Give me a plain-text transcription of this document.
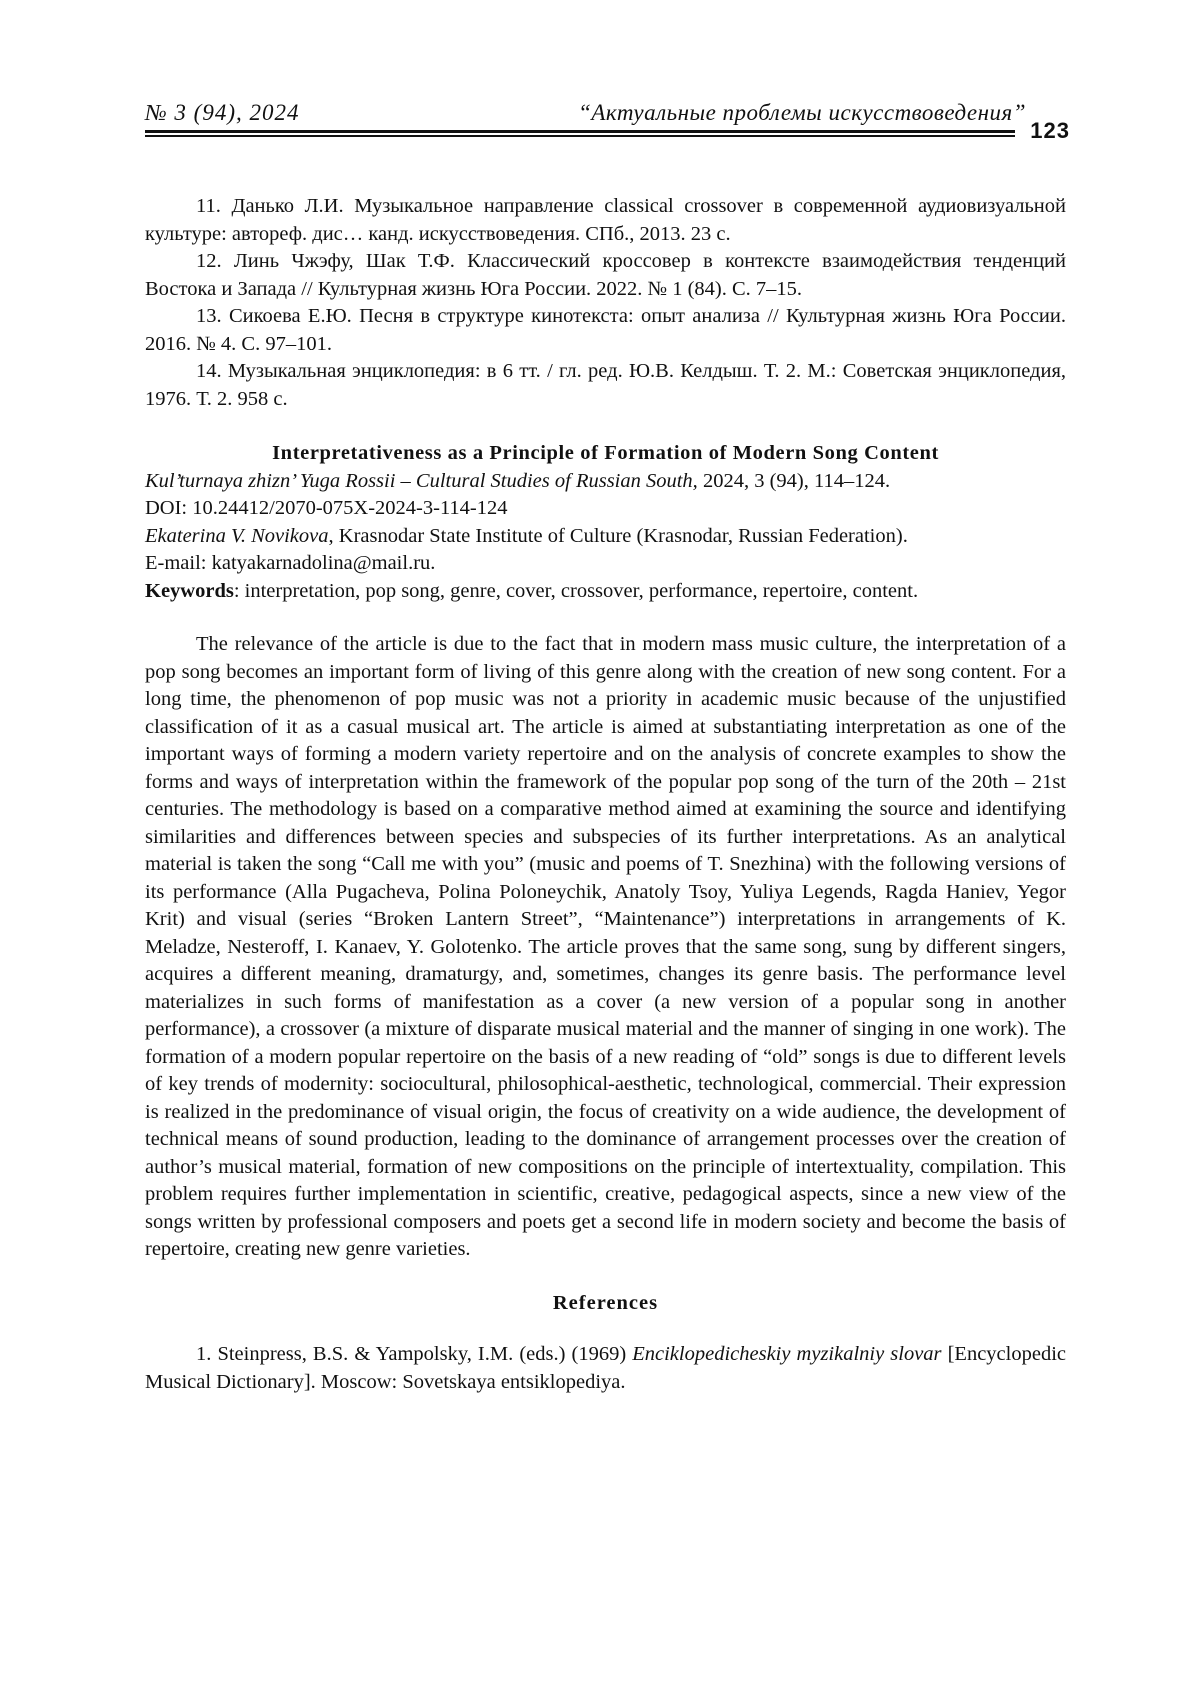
№ 3 (94), 2024	“Актуальные проблемы искусствоведения”
123

11. Данько Л.И. Музыкальное направление classical crossover в современной аудиовизуальной культуре: автореф. дис… канд. искусствоведения. СПб., 2013. 23 с.

12. Линь Чжэфу, Шак Т.Ф. Классический кроссовер в контексте взаимодействия тенденций Востока и Запада // Культурная жизнь Юга России. 2022. № 1 (84). С. 7–15.

13. Сикоева Е.Ю. Песня в структуре кинотекста: опыт анализа // Культурная жизнь Юга России. 2016. № 4. С. 97–101.

14. Музыкальная энциклопедия: в 6 тт. / гл. ред. Ю.В. Келдыш. Т. 2. М.: Советская энциклопедия, 1976. Т. 2. 958 с.

Interpretativeness as a Principle of Formation of Modern Song Content

Kul’turnaya zhizn’ Yuga Rossii – Cultural Studies of Russian South, 2024, 3 (94), 114–124.

DOI: 10.24412/2070-075X-2024-3-114-124

Ekaterina V. Novikova, Krasnodar State Institute of Culture (Krasnodar, Russian Federation).

E-mail: katyakarnadolina@mail.ru.

Keywords: interpretation, pop song, genre, cover, crossover, performance, repertoire, content.

The relevance of the article is due to the fact that in modern mass music culture, the interpretation of a pop song becomes an important form of living of this genre along with the creation of new song content. For a long time, the phenomenon of pop music was not a priority in academic music because of the unjustified classification of it as a casual musical art. The article is aimed at substantiating interpretation as one of the important ways of forming a modern variety repertoire and on the analysis of concrete examples to show the forms and ways of interpretation within the framework of the popular pop song of the turn of the 20th – 21st centuries. The methodology is based on a comparative method aimed at examining the source and identifying similarities and differences between species and subspecies of its further interpretations. As an analytical material is taken the song “Call me with you” (music and poems of T. Snezhina) with the following versions of its performance (Alla Pugacheva, Polina Poloneychik, Anatoly Tsoy, Yuliya Legends, Ragda Haniev, Yegor Krit) and visual (series “Broken Lantern Street”, “Maintenance”) interpretations in arrangements of K. Meladze, Nesteroff, I. Kanaev, Y. Golotenko. The article proves that the same song, sung by different singers, acquires a different meaning, dramaturgy, and, sometimes, changes its genre basis. The performance level materializes in such forms of manifestation as a cover (a new version of a popular song in another performance), a crossover (a mixture of disparate musical material and the manner of singing in one work). The formation of a modern popular repertoire on the basis of a new reading of “old” songs is due to different levels of key trends of modernity: sociocultural, philosophical-aesthetic, technological, commercial. Their expression is realized in the predominance of visual origin, the focus of creativity on a wide audience, the development of technical means of sound production, leading to the dominance of arrangement processes over the creation of author’s musical material, formation of new compositions on the principle of intertextuality, compilation. This problem requires further implementation in scientific, creative, pedagogical aspects, since a new view of the songs written by professional composers and poets get a second life in modern society and become the basis of repertoire, creating new genre varieties.

References

1. Steinpress, B.S. & Yampolsky, I.M. (eds.) (1969) Enciklopedicheskiy myzikalniy slovar [Encyclopedic Musical Dictionary]. Moscow: Sovetskaya entsiklopediya.
